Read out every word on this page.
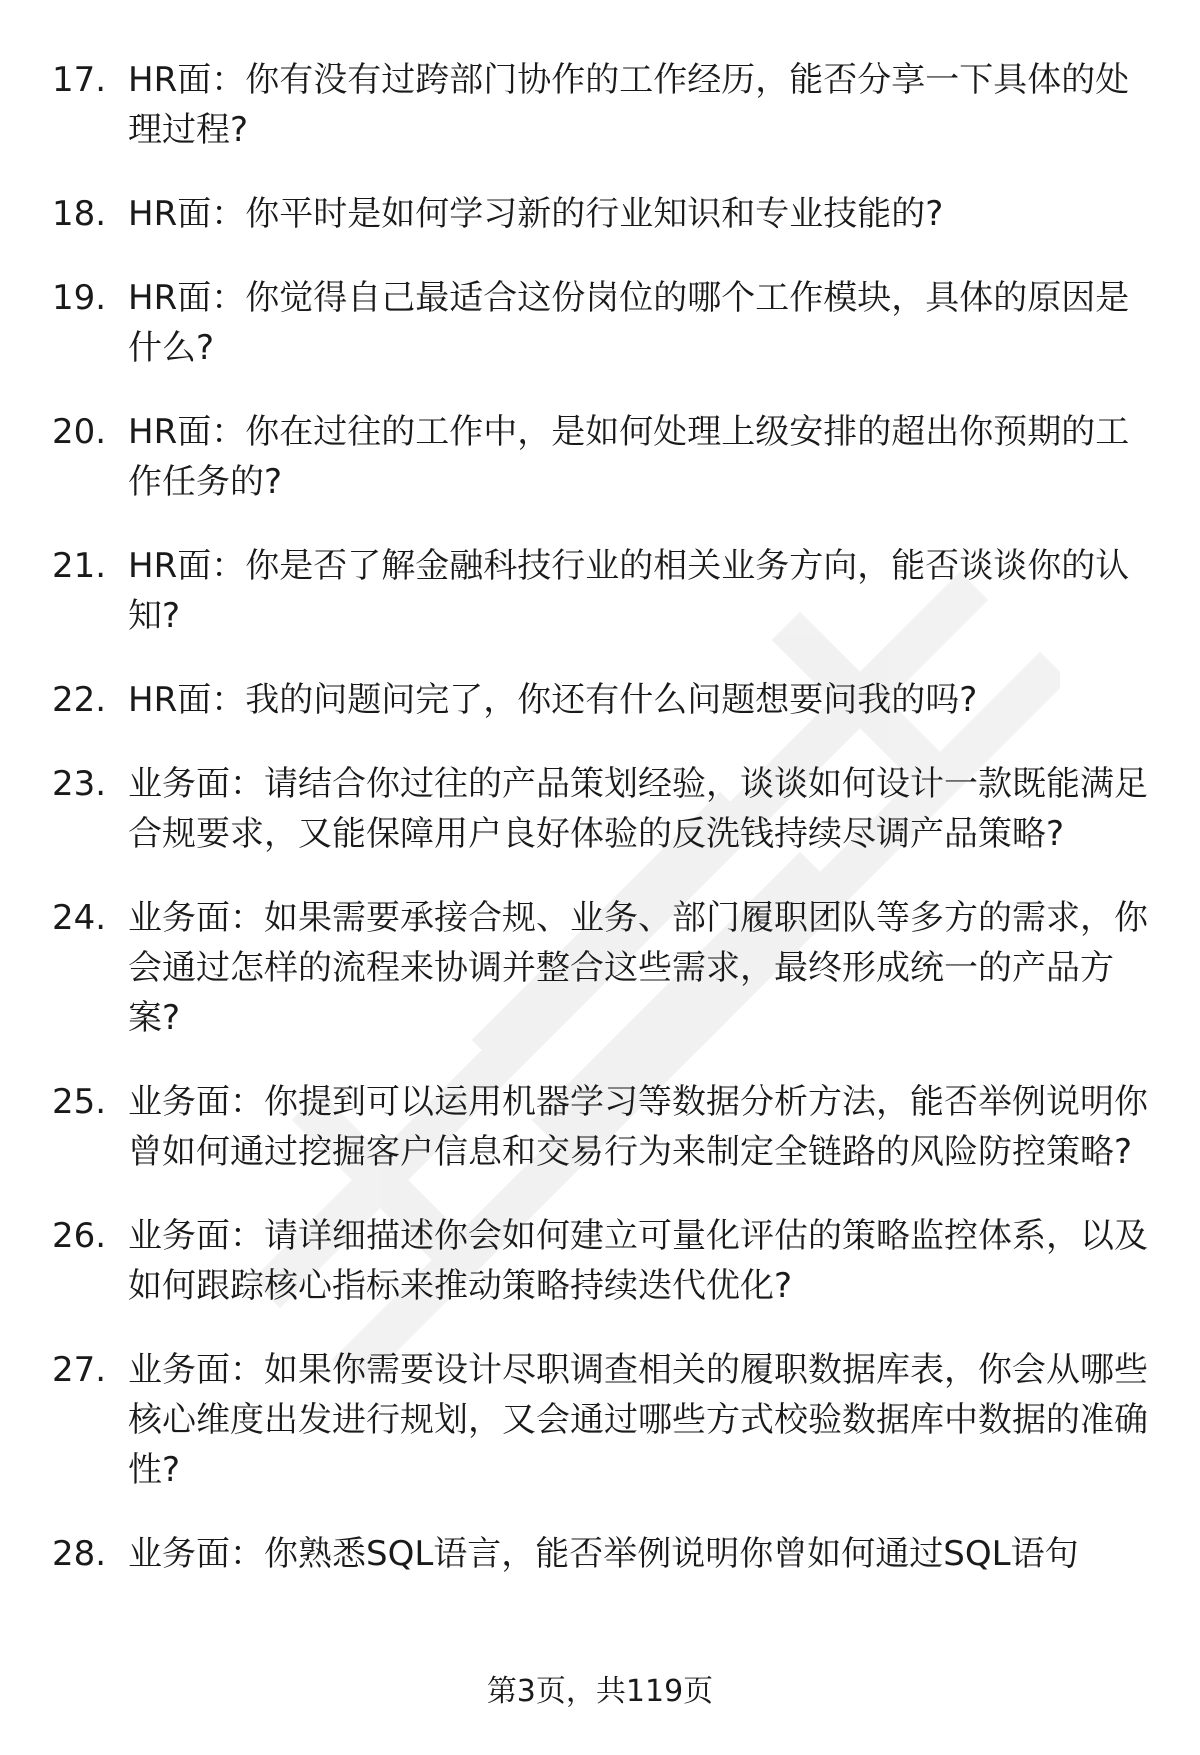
17. HR面：你有没有过跨部门协作的工作经历，能否分享一下具体的处理过程?
18. HR面：你平时是如何学习新的行业知识和专业技能的?
19. HR面：你觉得自己最适合这份岗位的哪个工作模块，具体的原因是什么?
20. HR面：你在过往的工作中，是如何处理上级安排的超出你预期的工作任务的?
21. HR面：你是否了解金融科技行业的相关业务方向，能否谈谈你的认知?
22. HR面：我的问题问完了，你还有什么问题想要问我的吗?
23. 业务面：请结合你过往的产品策划经验，谈谈如何设计一款既能满足合规要求，又能保障用户良好体验的反洗钱持续尽调产品策略?
24. 业务面：如果需要承接合规、业务、部门履职团队等多方的需求，你会通过怎样的流程来协调并整合这些需求，最终形成统一的产品方案?
25. 业务面：你提到可以运用机器学习等数据分析方法，能否举例说明你曾如何通过挖掘客户信息和交易行为来制定全链路的风险防控策略?
26. 业务面：请详细描述你会如何建立可量化评估的策略监控体系，以及如何跟踪核心指标来推动策略持续迭代优化?
27. 业务面：如果你需要设计尽职调查相关的履职数据库表，你会从哪些核心维度出发进行规划，又会通过哪些方式校验数据库中数据的准确性?
28. 业务面：你熟悉SQL语言，能否举例说明你曾如何通过SQL语句
第3页，共119页
